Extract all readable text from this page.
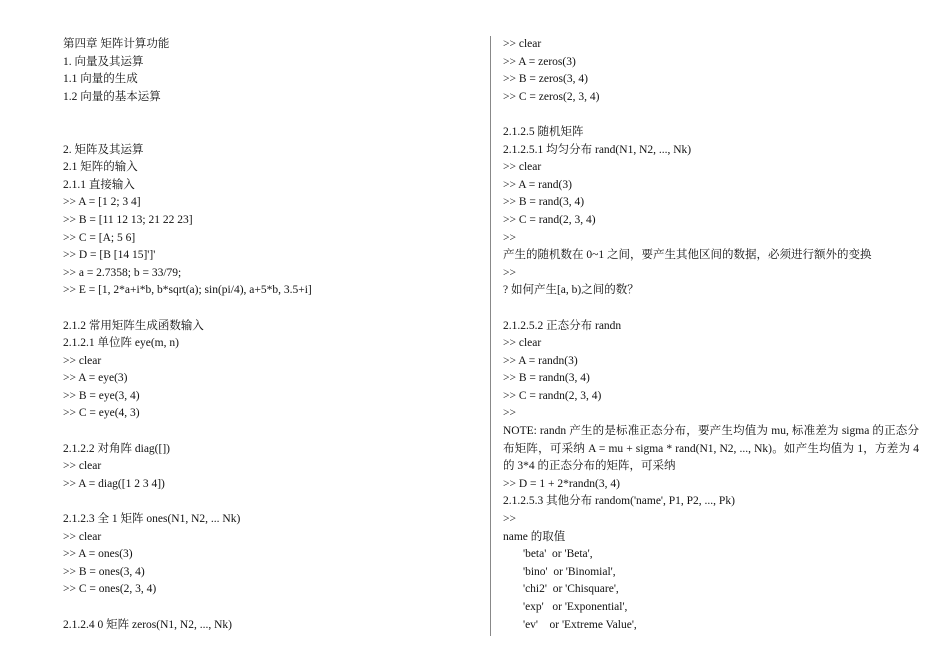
第四章 矩阵计算功能
1. 向量及其运算
1.1 向量的生成
1.2 向量的基本运算
2. 矩阵及其运算
2.1 矩阵的输入
2.1.1 直接输入
>> A = [1 2; 3 4]
>> B = [11 12 13; 21 22 23]
>> C = [A; 5 6]
>> D = [B [14 15]']'
>> a = 2.7358; b = 33/79;
>> E = [1, 2*a+i*b, b*sqrt(a); sin(pi/4), a+5*b, 3.5+i]
2.1.2 常用矩阵生成函数输入
2.1.2.1 单位阵 eye(m, n)
>> clear
>> A = eye(3)
>> B = eye(3, 4)
>> C = eye(4, 3)
2.1.2.2 对角阵 diag([])
>> clear
>> A = diag([1 2 3 4])
2.1.2.3 全 1 矩阵 ones(N1, N2, ... Nk)
>> clear
>> A = ones(3)
>> B = ones(3, 4)
>> C = ones(2, 3, 4)
2.1.2.4 0 矩阵 zeros(N1, N2, ..., Nk)
>> clear
>> A = zeros(3)
>> B = zeros(3, 4)
>> C = zeros(2, 3, 4)
2.1.2.5 随机矩阵
2.1.2.5.1 均匀分布 rand(N1, N2, ..., Nk)
>> clear
>> A = rand(3)
>> B = rand(3, 4)
>> C = rand(2, 3, 4)
>>
产生的随机数在 0~1 之间，要产生其他区间的数据，必须进行额外的变换
>>
? 如何产生[a, b)之间的数？
2.1.2.5.2 正态分布 randn
>> clear
>> A = randn(3)
>> B = randn(3, 4)
>> C = randn(2, 3, 4)
>>
NOTE: randn 产生的是标准正态分布，要产生均值为 mu, 标准差为 sigma 的正态分布矩阵，可采纳 A = mu + sigma * rand(N1, N2, ..., Nk)。如产生均值为 1，方差为 4 的 3*4 的正态分布的矩阵，可采纳
>> D = 1 + 2*randn(3, 4)
2.1.2.5.3 其他分布 random('name', P1, P2, ..., Pk)
>>
name 的取值
'beta'  or 'Beta',
'bino'  or 'Binomial',
'chi2'  or 'Chisquare',
'exp'   or 'Exponential',
'ev'    or 'Extreme Value',
